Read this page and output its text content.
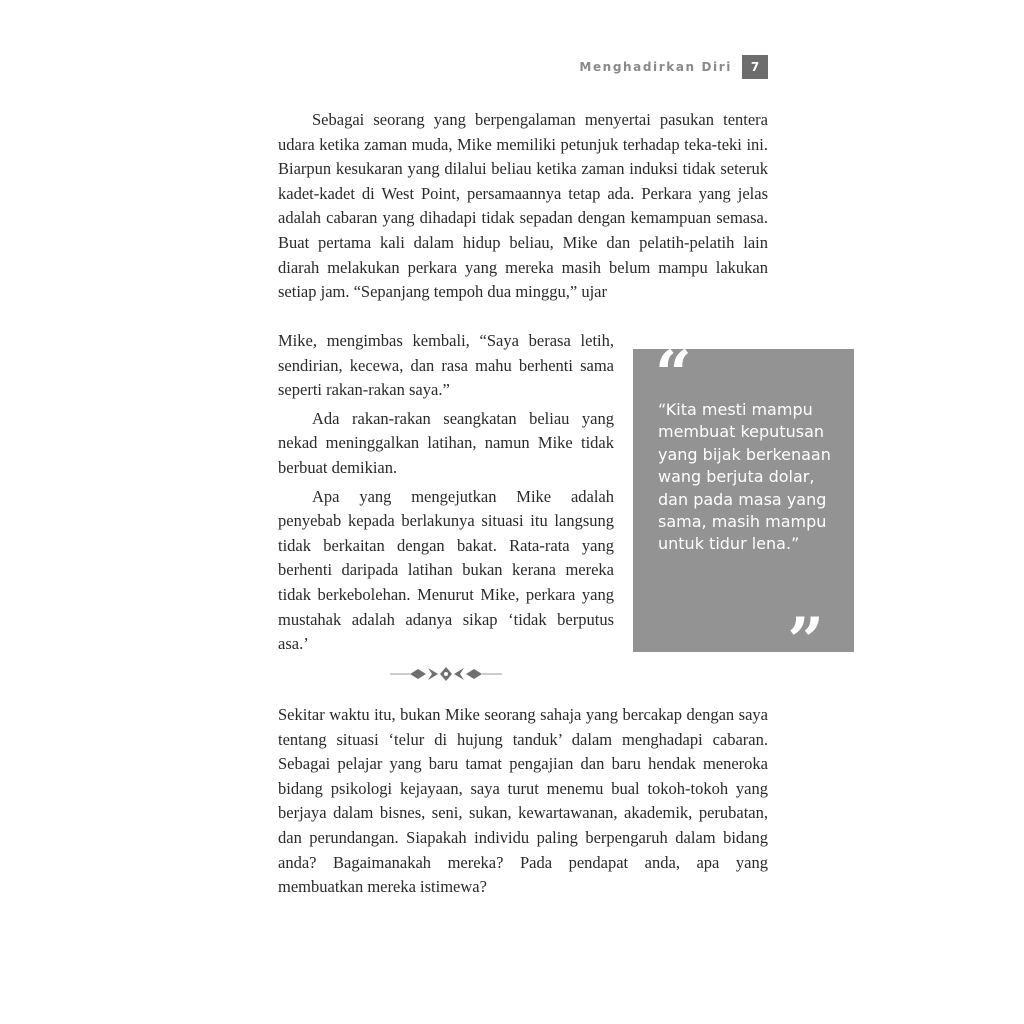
Menghadirkan Diri	7

Sebagai seorang yang berpengalaman menyertai pasukan tentera udara ketika zaman muda, Mike memiliki petunjuk terhadap teka-teki ini. Biarpun kesukaran yang dilalui beliau ketika zaman induksi tidak seteruk kadet-kadet di West Point, persamaannya tetap ada. Perkara yang jelas adalah cabaran yang dihadapi tidak sepadan dengan kemampuan semasa. Buat pertama kali dalam hidup beliau, Mike dan pelatih-pelatih lain diarah melakukan perkara yang mereka masih belum mampu lakukan setiap jam. “Sepanjang tempoh dua minggu,” ujar

Mike, mengimbas kembali, “Saya berasa letih, sendirian, kecewa, dan rasa mahu berhenti sama seperti rakan-rakan saya.”

Ada rakan-rakan seangkatan beliau yang nekad meninggalkan latihan, namun Mike tidak berbuat demikian.

Apa yang mengejutkan Mike adalah penyebab kepada berlakunya situasi itu langsung tidak berkaitan dengan bakat. Rata-rata yang berhenti daripada latihan bukan kerana mereka tidak berkebolehan. Menurut Mike, perkara yang mustahak adalah adanya sikap ‘tidak berputus asa.’

“
“Kita mesti mampu membuat keputusan yang bijak berkenaan wang berjuta dolar, dan pada masa yang sama, masih mampu untuk tidur lena.”
”

Sekitar waktu itu, bukan Mike seorang sahaja yang bercakap dengan saya tentang situasi ‘telur di hujung tanduk’ dalam menghadapi cabaran. Sebagai pelajar yang baru tamat pengajian dan baru hendak meneroka bidang psikologi kejayaan, saya turut menemu bual tokoh-tokoh yang berjaya dalam bisnes, seni, sukan, kewartawanan, akademik, perubatan, dan perundangan. Siapakah individu paling berpengaruh dalam bidang anda? Bagaimanakah mereka? Pada pendapat anda, apa yang membuatkan mereka istimewa?
